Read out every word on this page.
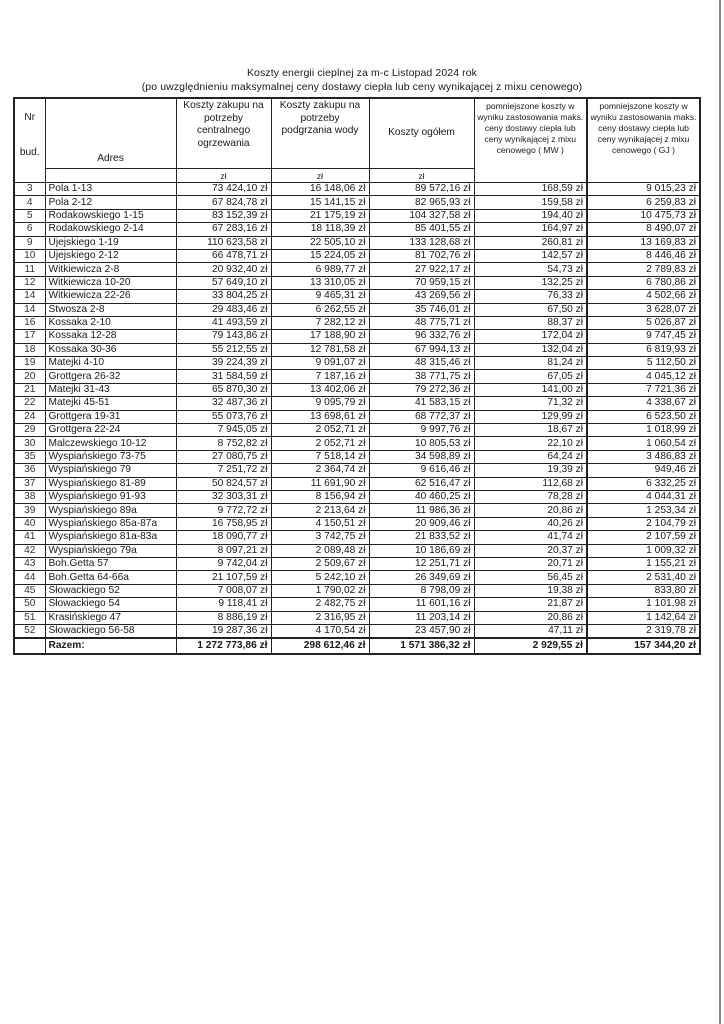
Koszty energii cieplnej za m-c Listopad 2024 rok
(po uwzględnieniu maksymalnej ceny dostawy ciepła lub ceny wynikającej z mixu cenowego)
Nr
bud.	Adres	Koszty zakupu na potrzeby centralnego ogrzewania	Koszty zakupu na potrzeby podgrzania wody	Koszty ogółem	pomniejszone koszty w wyniku zastosowania maks. ceny dostawy ciepła lub ceny wynikającej z mixu cenowego ( MW )	pomniejszone koszty w wyniku zastosowania maks. ceny dostawy ciepła lub ceny wynikającej z mixu cenowego ( GJ )
		zł	zł	zł		
3	Pola 1-13	73 424,10 zł	16 148,06 zł	89 572,16 zł	168,59 zł	9 015,23 zł
4	Pola 2-12	67 824,78 zł	15 141,15 zł	82 965,93 zł	159,58 zł	6 259,83 zł
5	Rodakowskiego 1-15	83 152,39 zł	21 175,19 zł	104 327,58 zł	194,40 zł	10 475,73 zł
6	Rodakowskiego 2-14	67 283,16 zł	18 118,39 zł	85 401,55 zł	164,97 zł	8 490,07 zł
9	Ujejskiego 1-19	110 623,58 zł	22 505,10 zł	133 128,68 zł	260,81 zł	13 169,83 zł
10	Ujejskiego 2-12	66 478,71 zł	15 224,05 zł	81 702,76 zł	142,57 zł	8 446,46 zł
11	Witkiewicza 2-8	20 932,40 zł	6 989,77 zł	27 922,17 zł	54,73 zł	2 789,83 zł
12	Witkiewicza 10-20	57 649,10 zł	13 310,05 zł	70 959,15 zł	132,25 zł	6 780,86 zł
14	Witkiewicza 22-26	33 804,25 zł	9 465,31 zł	43 269,56 zł	76,33 zł	4 502,66 zł
14	Stwosza 2-8	29 483,46 zł	6 262,55 zł	35 746,01 zł	67,50 zł	3 628,07 zł
16	Kossaka 2-10	41 493,59 zł	7 282,12 zł	48 775,71 zł	88,37 zł	5 026,87 zł
17	Kossaka 12-28	79 143,86 zł	17 188,90 zł	96 332,76 zł	172,04 zł	9 747,45 zł
18	Kossaka 30-36	55 212,55 zł	12 781,58 zł	67 994,13 zł	132,04 zł	6 819,93 zł
19	Matejki 4-10	39 224,39 zł	9 091,07 zł	48 315,46 zł	81,24 zł	5 112,50 zł
20	Grottgera 26-32	31 584,59 zł	7 187,16 zł	38 771,75 zł	67,05 zł	4 045,12 zł
21	Matejki 31-43	65 870,30 zł	13 402,06 zł	79 272,36 zł	141,00 zł	7 721,36 zł
22	Matejki 45-51	32 487,36 zł	9 095,79 zł	41 583,15 zł	71,32 zł	4 338,67 zł
24	Grottgera 19-31	55 073,76 zł	13 698,61 zł	68 772,37 zł	129,99 zł	6 523,50 zł
29	Grottgera 22-24	7 945,05 zł	2 052,71 zł	9 997,76 zł	18,67 zł	1 018,99 zł
30	Malczewskiego 10-12	8 752,82 zł	2 052,71 zł	10 805,53 zł	22,10 zł	1 060,54 zł
35	Wyspiańskiego 73-75	27 080,75 zł	7 518,14 zł	34 598,89 zł	64,24 zł	3 486,83 zł
36	Wyspiańskiego 79	7 251,72 zł	2 364,74 zł	9 616,46 zł	19,39 zł	949,46 zł
37	Wyspiańskiego 81-89	50 824,57 zł	11 691,90 zł	62 516,47 zł	112,68 zł	6 332,25 zł
38	Wyspiańskiego 91-93	32 303,31 zł	8 156,94 zł	40 460,25 zł	78,28 zł	4 044,31 zł
39	Wyspiańskiego 89a	9 772,72 zł	2 213,64 zł	11 986,36 zł	20,86 zł	1 253,34 zł
40	Wyspiańskiego 85a-87a	16 758,95 zł	4 150,51 zł	20 909,46 zł	40,26 zł	2 104,79 zł
41	Wyspiańskiego 81a-83a	18 090,77 zł	3 742,75 zł	21 833,52 zł	41,74 zł	2 107,59 zł
42	Wyspiańskiego 79a	8 097,21 zł	2 089,48 zł	10 186,69 zł	20,37 zł	1 009,32 zł
43	Boh.Getta 57	9 742,04 zł	2 509,67 zł	12 251,71 zł	20,71 zł	1 155,21 zł
44	Boh.Getta 64-66a	21 107,59 zł	5 242,10 zł	26 349,69 zł	56,45 zł	2 531,40 zł
45	Słowackiego 52	7 008,07 zł	1 790,02 zł	8 798,09 zł	19,38 zł	833,80 zł
50	Słowackiego 54	9 118,41 zł	2 482,75 zł	11 601,16 zł	21,87 zł	1 101,98 zł
51	Krasińskiego 47	8 886,19 zł	2 316,95 zł	11 203,14 zł	20,86 zł	1 142,64 zł
52	Słowackiego 56-58	19 287,36 zł	4 170,54 zł	23 457,90 zł	47,11 zł	2 319,78 zł
	Razem:	1 272 773,86 zł	298 612,46 zł	1 571 386,32 zł	2 929,55 zł	157 344,20 zł
